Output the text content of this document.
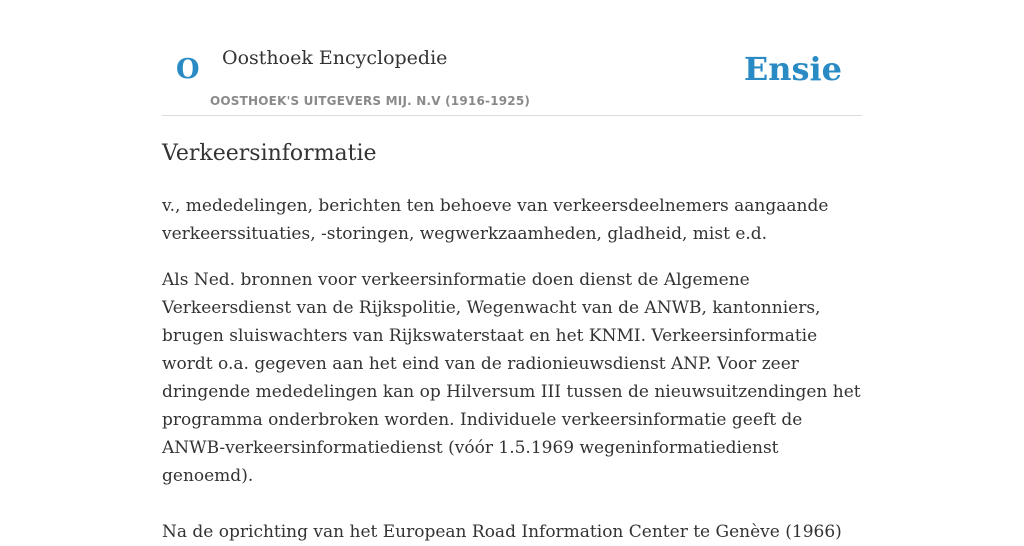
O Oosthoek Encyclopedie
OOSTHOEK'S UITGEVERS MIJ. N.V (1916-1925)
Ensie
Verkeersinformatie

v., mededelingen, berichten ten behoeve van verkeersdeelnemers aangaande verkeerssituaties, -storingen, wegwerkzaamheden, gladheid, mist e.d.

Als Ned. bronnen voor verkeersinformatie doen dienst de Algemene Verkeersdienst van de Rijkspolitie, Wegenwacht van de ANWB, kantonniers, brugen sluiswachters van Rijkswaterstaat en het KNMI. Verkeersinformatie wordt o.a. gegeven aan het eind van de radionieuwsdienst ANP. Voor zeer dringende mededelingen kan op Hilversum III tussen de nieuwsuitzendingen het programma onderbroken worden. Individuele verkeersinformatie geeft de ANWB-verkeersinformatiedienst (vóór 1.5.1969 wegeninformatiedienst genoemd).

Na de oprichting van het European Road Information Center te Genève (1966)
